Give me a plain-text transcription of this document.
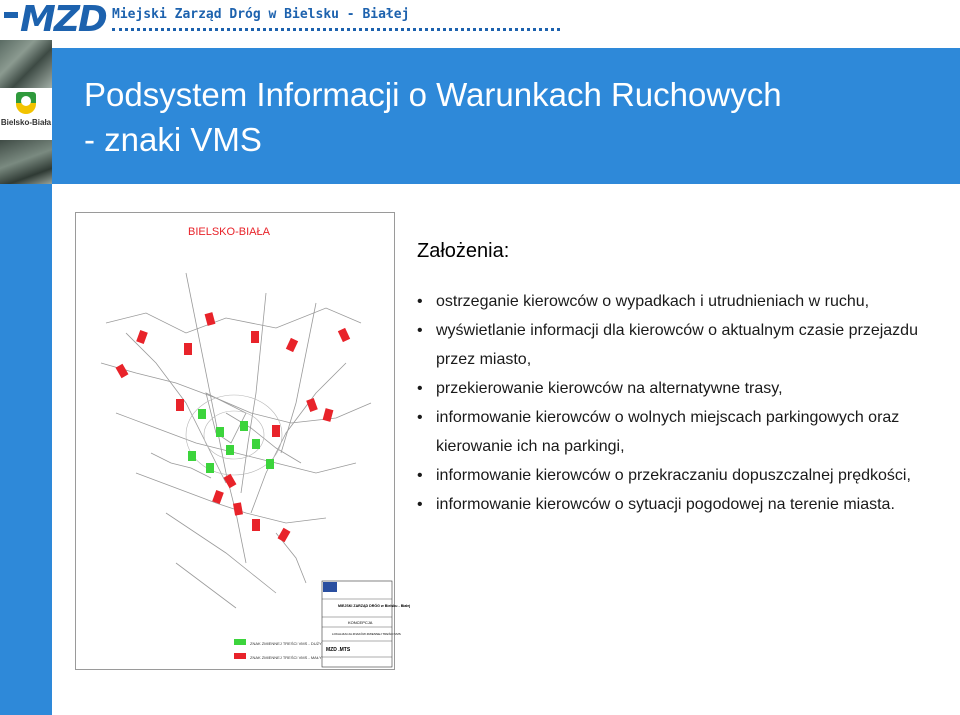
MZD Miejski Zarząd Dróg w Bielsku - Białej
Bielsko-Biała
Podsystem Informacji o Warunkach Ruchowych
- znaki VMS
BIELSKO-BIAŁA
ZNAK ZMIENNEJ TREŚCI VMS - DUŻY
ZNAK ZMIENNEJ TREŚCI VMS - MAŁY
MIEJSKI ZARZĄD DRÓG w Bielsku - Białej
KONCEPCJA
LOKALIZACJA ZNAKÓW ZMIENNEJ TREŚCI VMS
MZD .MTS
Założenia:
• ostrzeganie kierowców o wypadkach i utrudnieniach w ruchu,
• wyświetlanie informacji dla kierowców o aktualnym czasie przejazdu przez miasto,
• przekierowanie kierowców na alternatywne trasy,
• informowanie kierowców o wolnych miejscach parkingowych oraz kierowanie ich na parkingi,
• informowanie kierowców o przekraczaniu dopuszczalnej prędkości,
• informowanie kierowców o sytuacji pogodowej na terenie miasta.
